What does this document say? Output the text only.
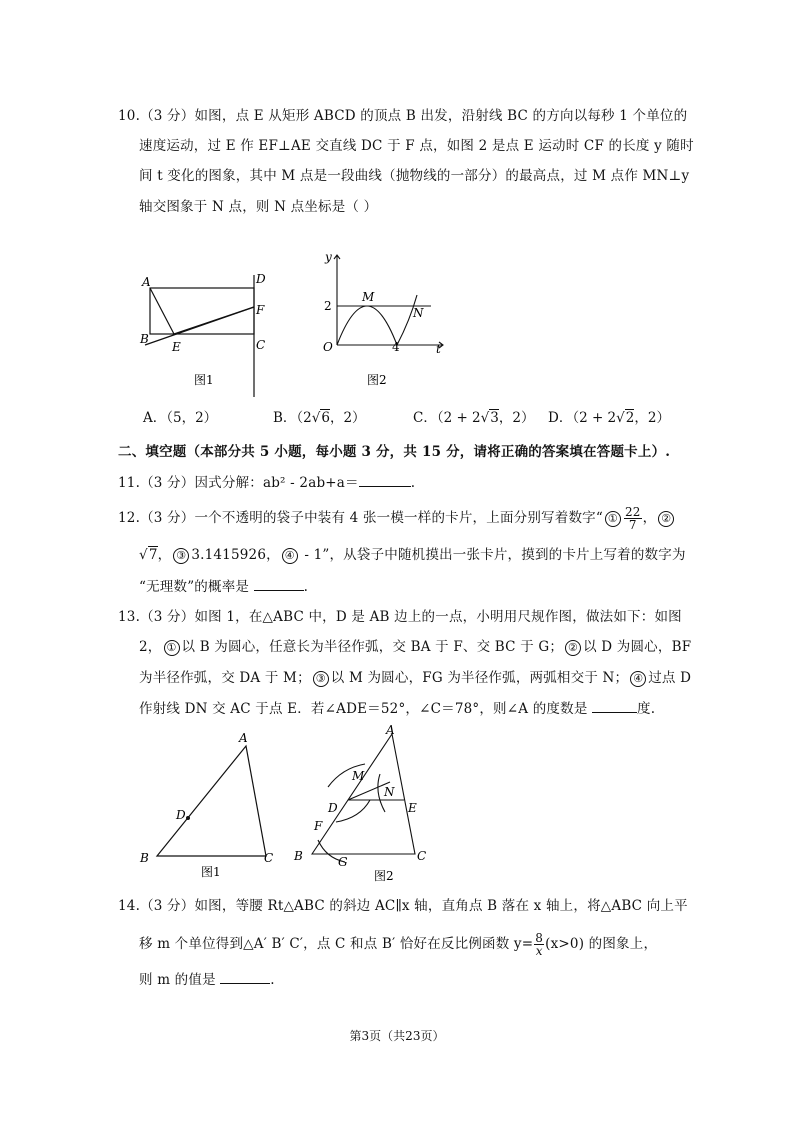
10.（3 分）如图，点 E 从矩形 ABCD 的顶点 B 出发，沿射线 BC 的方向以每秒 1 个单位的
速度运动，过 E 作 EF⊥AE 交直线 DC 于 F 点，如图 2 是点 E 运动时 CF 的长度 y 随时
间 t 变化的图象，其中 M 点是一段曲线（抛物线的一部分）的最高点，过 M 点作 MN⊥y
轴交图象于 N 点，则 N 点坐标是（ ）
A
B
E	C
D
F
图1
y
t
O
2
4
M
N
图2
A．（5，2）	B．（2√6，2）	C．（2 + 2√3，2） D．（2 + 2√2，2）
二、填空题（本部分共 5 小题，每小题 3 分，共 15 分，请将正确的答案填在答题卡上）.
11.（3 分）因式分解：ab² - 2ab+a＝	.
12.（3 分）一个不透明的袋子中装有 4 张一模一样的卡片，上面分别写着数字“ ① $\frac{22}{7}$ ， ②
√7， ③ 3.1415926， ④ - 1”，从袋子中随机摸出一张卡片，摸到的卡片上写着的数字为
“无理数”的概率是	.
13.（3 分）如图 1，在△ABC 中，D 是 AB 边上的一点，小明用尺规作图，做法如下：如图
2， ① 以 B 为圆心，任意长为半径作弧，交 BA 于 F、交 BC 于 G； ② 以 D 为圆心，BF
为半径作弧，交 DA 于 M； ③ 以 M 为圆心，FG 为半径作弧，两弧相交于 N； ④ 过点 D
作射线 DN 交 AC 于点 E．若∠ADE＝52°，∠C＝78°，则∠A 的度数是	度.
A
B	C
D
图1
A
B	C
D	E
F
G
M
N
图2
14.（3 分）如图，等腰 Rt△ABC 的斜边 AC∥x 轴，直角点 B 落在 x 轴上，将△ABC 向上平
移 m 个单位得到△A′ B′ C′，点 C 和点 B′ 恰好在反比例函数 $y= \frac{8}{x} (x>0)$ 的图象上，
则 m 的值是	.
第3页（共23页）
